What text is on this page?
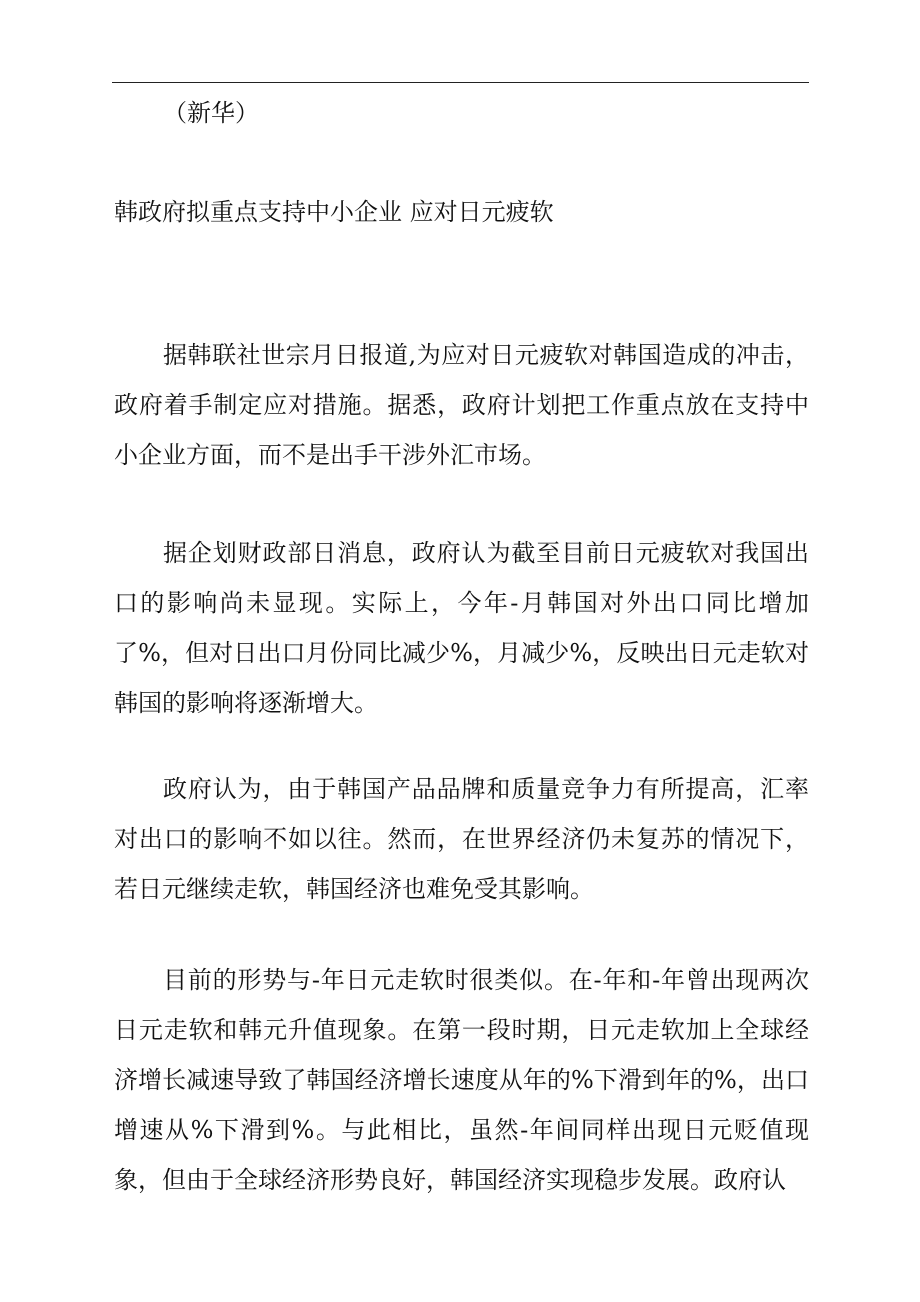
（新华）
韩政府拟重点支持中小企业 应对日元疲软

据韩联社世宗月日报道,为应对日元疲软对韩国造成的冲击，政府着手制定应对措施。据悉，政府计划把工作重点放在支持中小企业方面，而不是出手干涉外汇市场。

据企划财政部日消息，政府认为截至目前日元疲软对我国出口的影响尚未显现。实际上，今年-月韩国对外出口同比增加了%，但对日出口月份同比减少%，月减少%，反映出日元走软对韩国的影响将逐渐增大。

政府认为，由于韩国产品品牌和质量竞争力有所提高，汇率对出口的影响不如以往。然而，在世界经济仍未复苏的情况下，若日元继续走软，韩国经济也难免受其影响。

目前的形势与-年日元走软时很类似。在-年和-年曾出现两次日元走软和韩元升值现象。在第一段时期，日元走软加上全球经济增长减速导致了韩国经济增长速度从年的%下滑到年的%，出口增速从%下滑到%。与此相比，虽然-年间同样出现日元贬值现象，但由于全球经济形势良好，韩国经济实现稳步发展。政府认
